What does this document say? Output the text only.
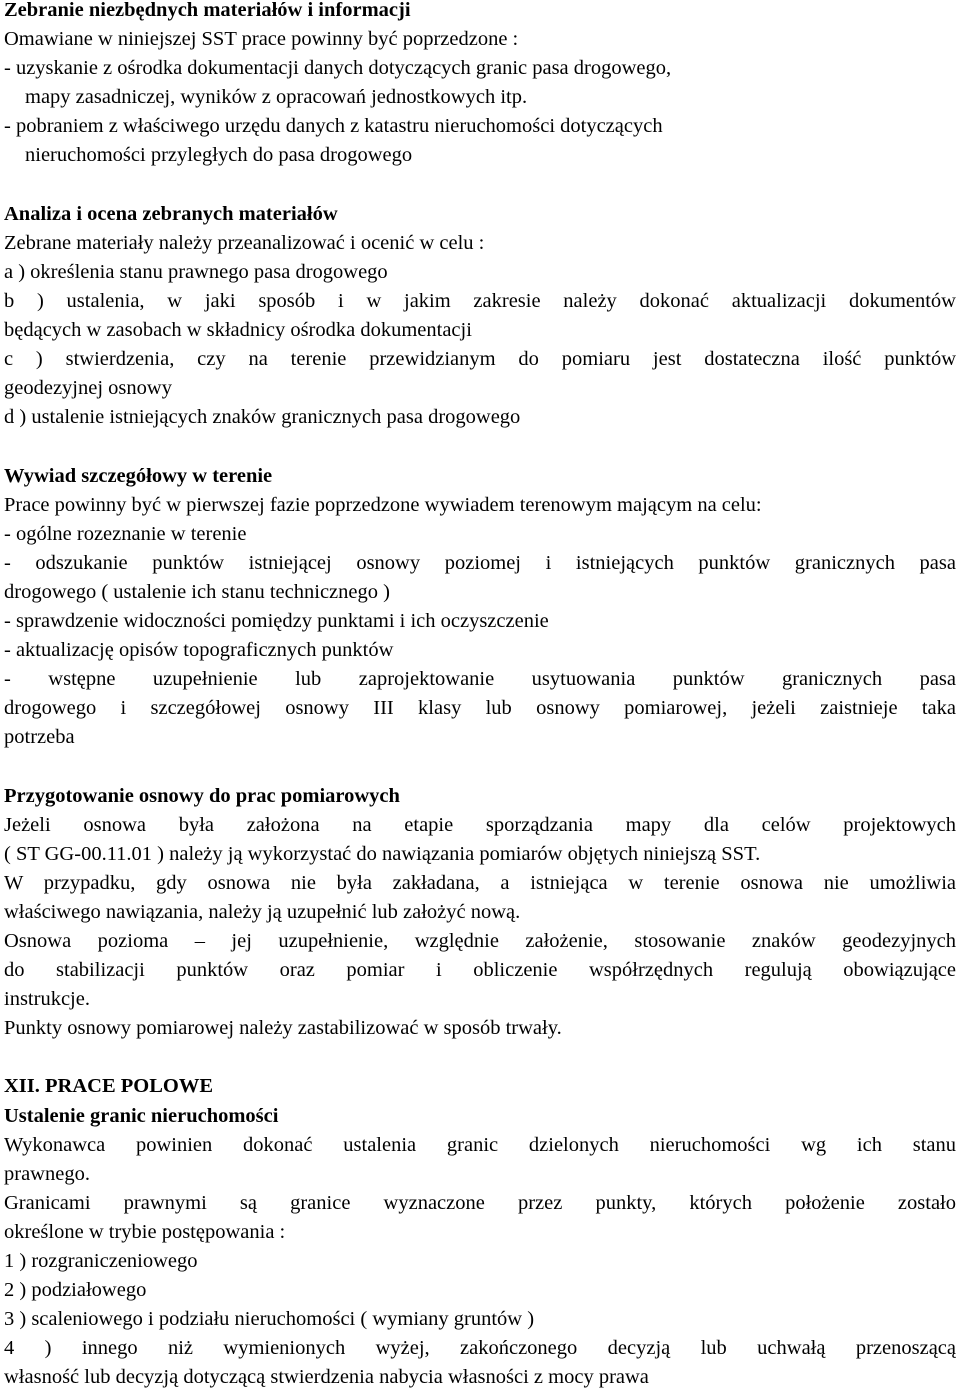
Zebranie niezbędnych materiałów i informacji
Omawiane w niniejszej SST prace powinny być poprzedzone :
- uzyskanie z ośrodka dokumentacji danych dotyczących granic pasa drogowego,
mapy zasadniczej, wyników z opracowań jednostkowych itp.
- pobraniem z właściwego urzędu danych z katastru nieruchomości dotyczących
nieruchomości przyległych do pasa drogowego
Analiza i ocena zebranych materiałów
Zebrane materiały należy przeanalizować i ocenić w celu :
a ) określenia stanu prawnego pasa drogowego
b ) ustalenia, w jaki sposób i w jakim zakresie należy dokonać aktualizacji dokumentów
będących w zasobach w składnicy ośrodka dokumentacji
c ) stwierdzenia, czy na terenie przewidzianym do pomiaru jest dostateczna ilość punktów
geodezyjnej osnowy
d ) ustalenie istniejących znaków granicznych pasa drogowego
Wywiad szczegółowy w terenie
Prace powinny być w pierwszej fazie poprzedzone wywiadem terenowym mającym na celu:
- ogólne rozeznanie w terenie
- odszukanie punktów istniejącej osnowy poziomej i istniejących punktów granicznych pasa
drogowego ( ustalenie ich stanu technicznego )
- sprawdzenie widoczności pomiędzy punktami i ich oczyszczenie
- aktualizację opisów topograficznych punktów
- wstępne uzupełnienie lub zaprojektowanie usytuowania punktów granicznych pasa
drogowego i szczegółowej osnowy III klasy lub osnowy pomiarowej, jeżeli zaistnieje taka
potrzeba
Przygotowanie osnowy do prac pomiarowych
Jeżeli osnowa była założona na etapie sporządzania mapy dla celów projektowych
( ST GG-00.11.01 ) należy ją wykorzystać do nawiązania pomiarów objętych niniejszą SST.
W przypadku, gdy osnowa nie była zakładana, a istniejąca w terenie osnowa nie umożliwia
właściwego nawiązania, należy ją uzupełnić lub założyć nową.
Osnowa pozioma – jej uzupełnienie, względnie założenie, stosowanie znaków geodezyjnych
do stabilizacji punktów oraz pomiar i obliczenie współrzędnych regulują obowiązujące
instrukcje.
Punkty osnowy pomiarowej należy zastabilizować w sposób trwały.
XII. PRACE POLOWE
Ustalenie granic nieruchomości
Wykonawca powinien dokonać ustalenia granic dzielonych nieruchomości wg ich stanu
prawnego.
Granicami prawnymi są granice wyznaczone przez punkty, których położenie zostało
określone w trybie postępowania :
1 ) rozgraniczeniowego
2 ) podziałowego
3 ) scaleniowego i podziału nieruchomości ( wymiany gruntów )
4 ) innego niż wymienionych wyżej, zakończonego decyzją lub uchwałą przenoszącą
własność lub decyzją dotyczącą stwierdzenia nabycia własności z mocy prawa
